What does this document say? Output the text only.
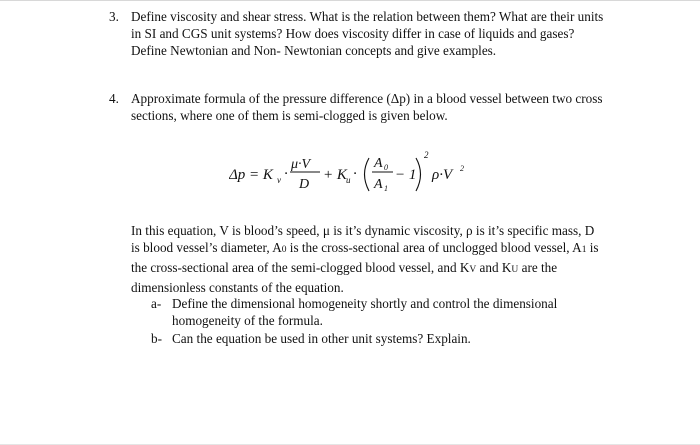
3. Define viscosity and shear stress. What is the relation between them? What are their units

in SI and CGS unit systems? How does viscosity differ in case of liquids and gases?

Define Newtonian and Non- Newtonian concepts and give examples.

4. Approximate formula of the pressure difference (Δp) in a blood vessel between two cross

sections, where one of them is semi-clogged is given below.

Δp = K v ·
μ·V
D
+ K u ·
A 0
A 1
− 1
2
ρ·V 2
In this equation, V is blood’s speed, μ is it’s dynamic viscosity, ρ is it’s specific mass, D
is blood vessel’s diameter, A0 is the cross-sectional area of unclogged blood vessel, A1 is
the cross-sectional area of the semi-clogged blood vessel, and KV and KU are the
dimensionless constants of the equation.
a- Define the dimensional homogeneity shortly and control the dimensional
homogeneity of the formula.
b- Can the equation be used in other unit systems? Explain.
